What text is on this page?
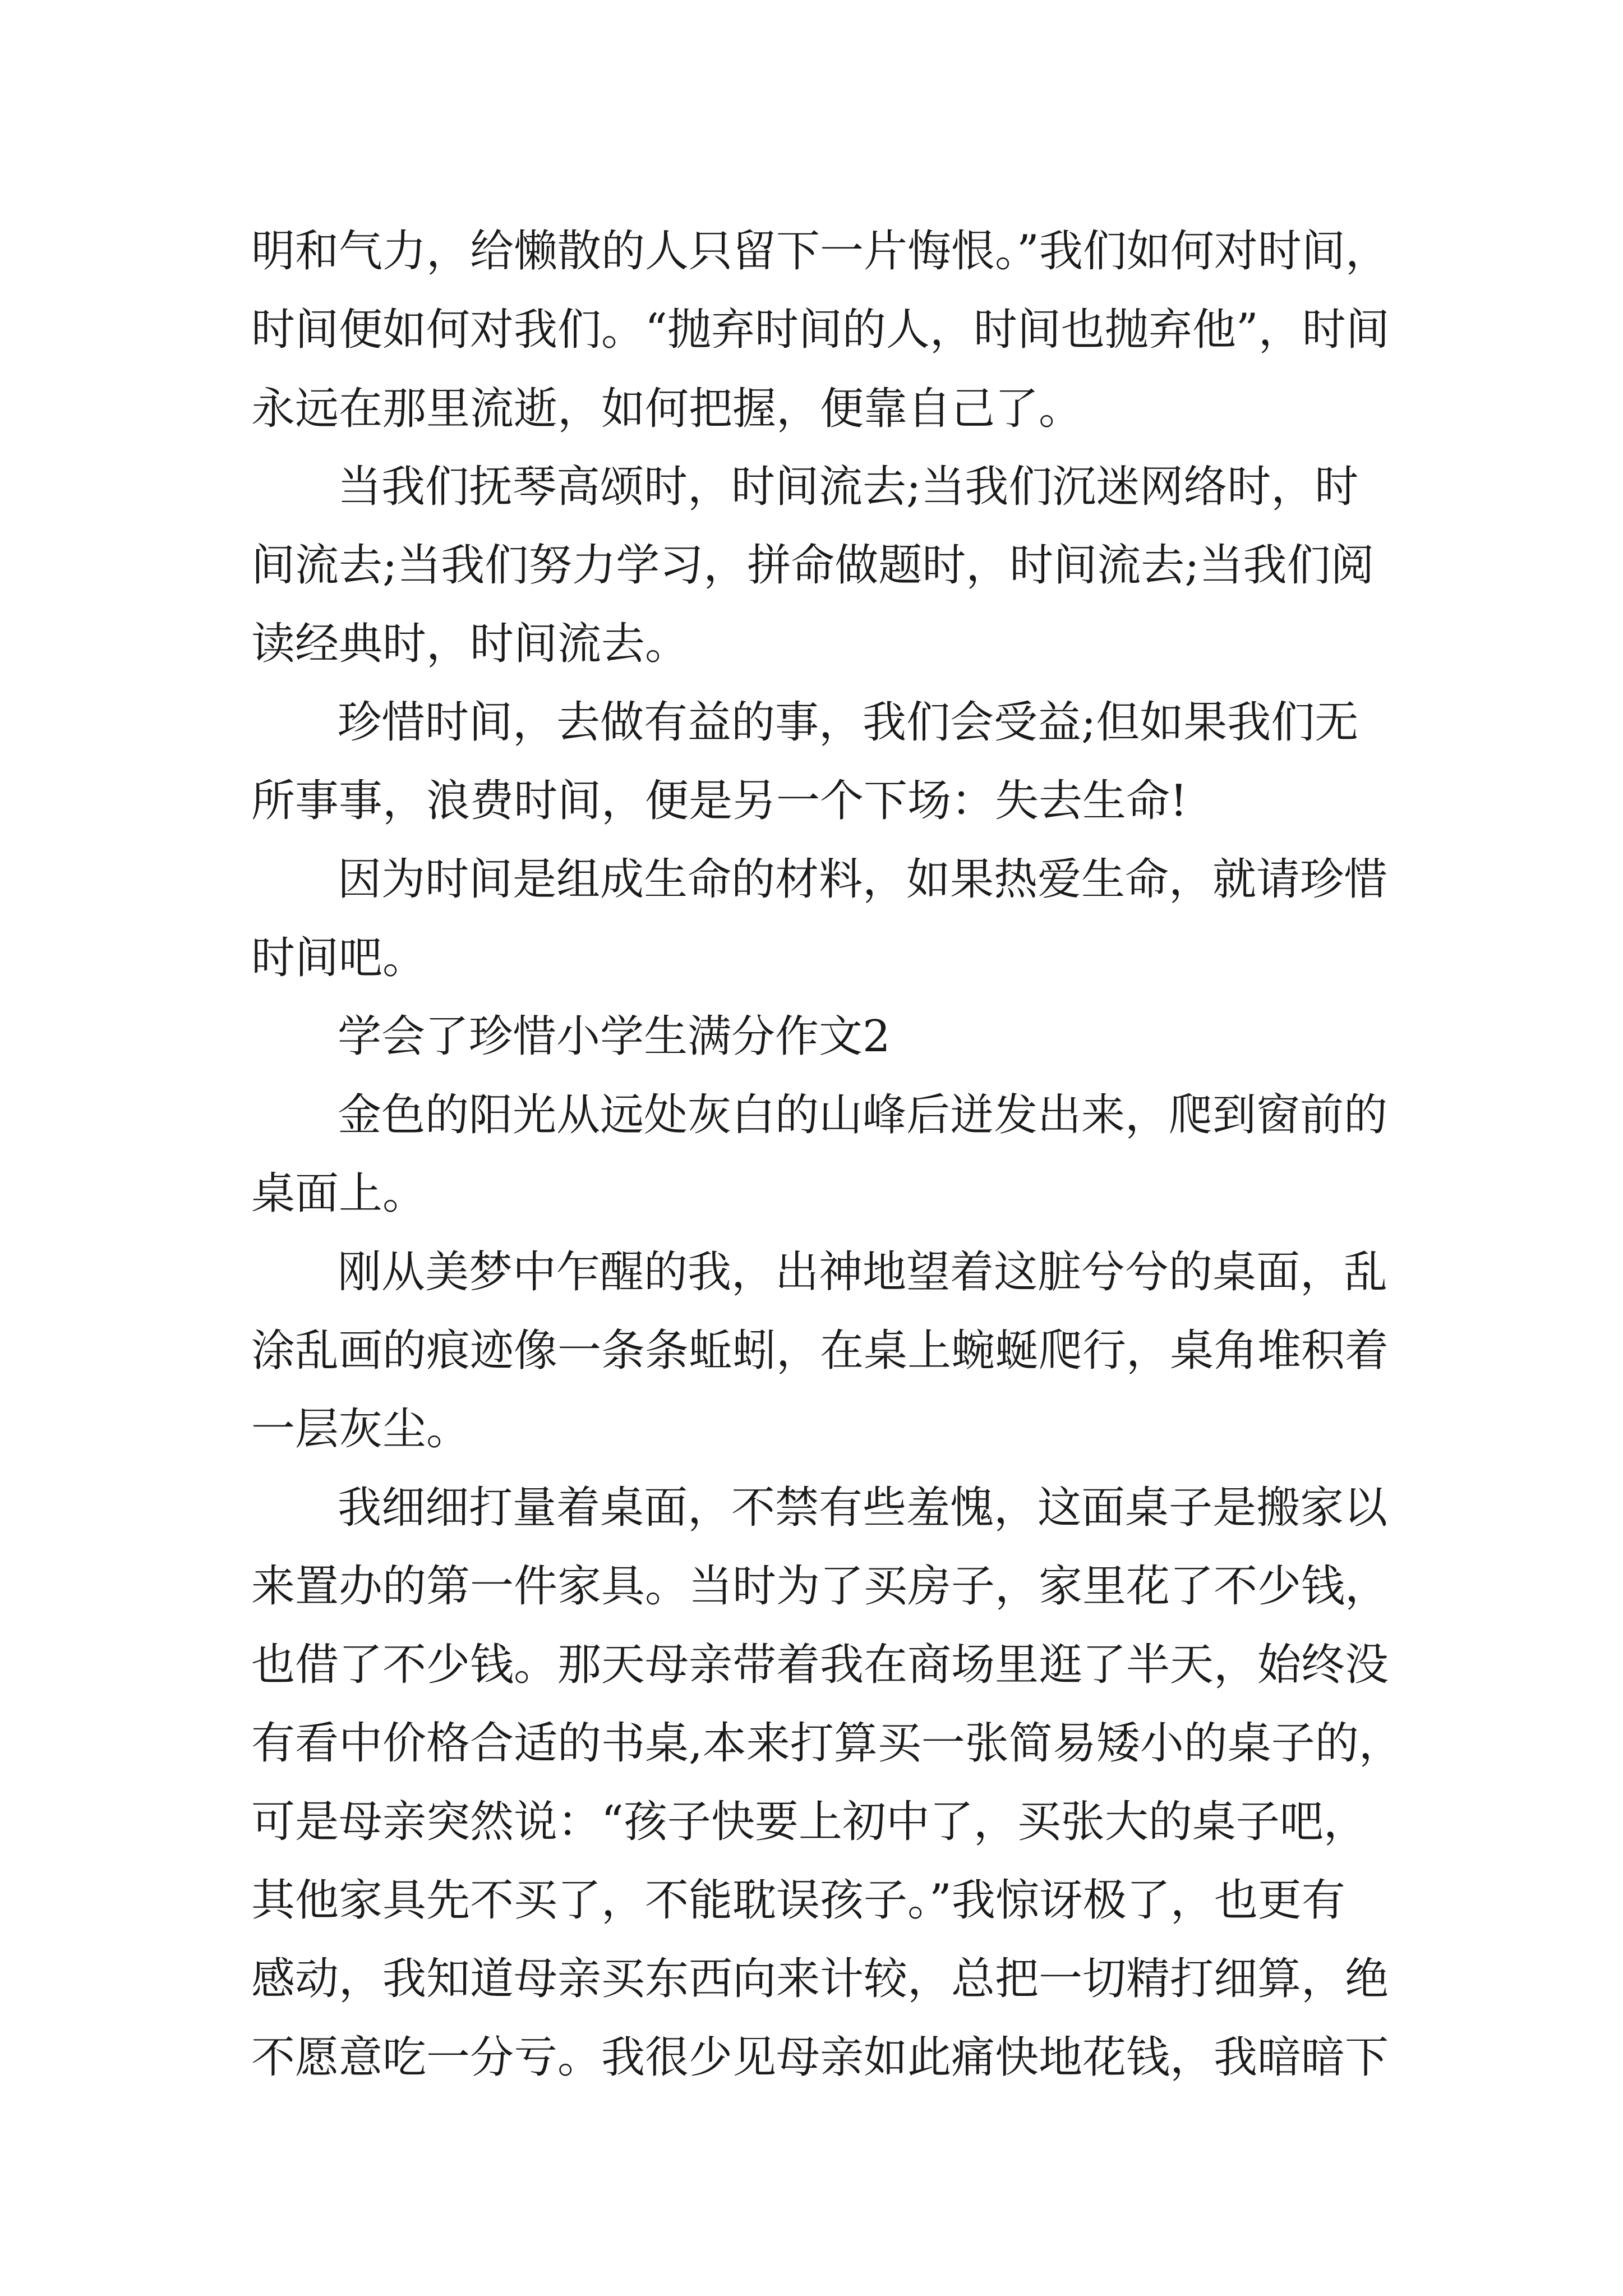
明和气力，给懒散的人只留下一片悔恨。”我们如何对时间，

时间便如何对我们。“抛弃时间的人，时间也抛弃他”，时间

永远在那里流逝，如何把握，便靠自己了。

当我们抚琴高颂时，时间流去;当我们沉迷网络时，时

间流去;当我们努力学习，拼命做题时，时间流去;当我们阅

读经典时，时间流去。

珍惜时间，去做有益的事，我们会受益;但如果我们无

所事事，浪费时间，便是另一个下场：失去生命!

因为时间是组成生命的材料，如果热爱生命，就请珍惜

时间吧。

学会了珍惜小学生满分作文2

金色的阳光从远处灰白的山峰后迸发出来，爬到窗前的

桌面上。

刚从美梦中乍醒的我，出神地望着这脏兮兮的桌面，乱

涂乱画的痕迹像一条条蚯蚓，在桌上蜿蜒爬行，桌角堆积着

一层灰尘。

我细细打量着桌面，不禁有些羞愧，这面桌子是搬家以

来置办的第一件家具。当时为了买房子，家里花了不少钱，

也借了不少钱。那天母亲带着我在商场里逛了半天，始终没

有看中价格合适的书桌,本来打算买一张简易矮小的桌子的，

可是母亲突然说：“孩子快要上初中了，买张大的桌子吧，

其他家具先不买了，不能耽误孩子。”我惊讶极了，也更有

感动，我知道母亲买东西向来计较，总把一切精打细算，绝

不愿意吃一分亏。我很少见母亲如此痛快地花钱，我暗暗下
